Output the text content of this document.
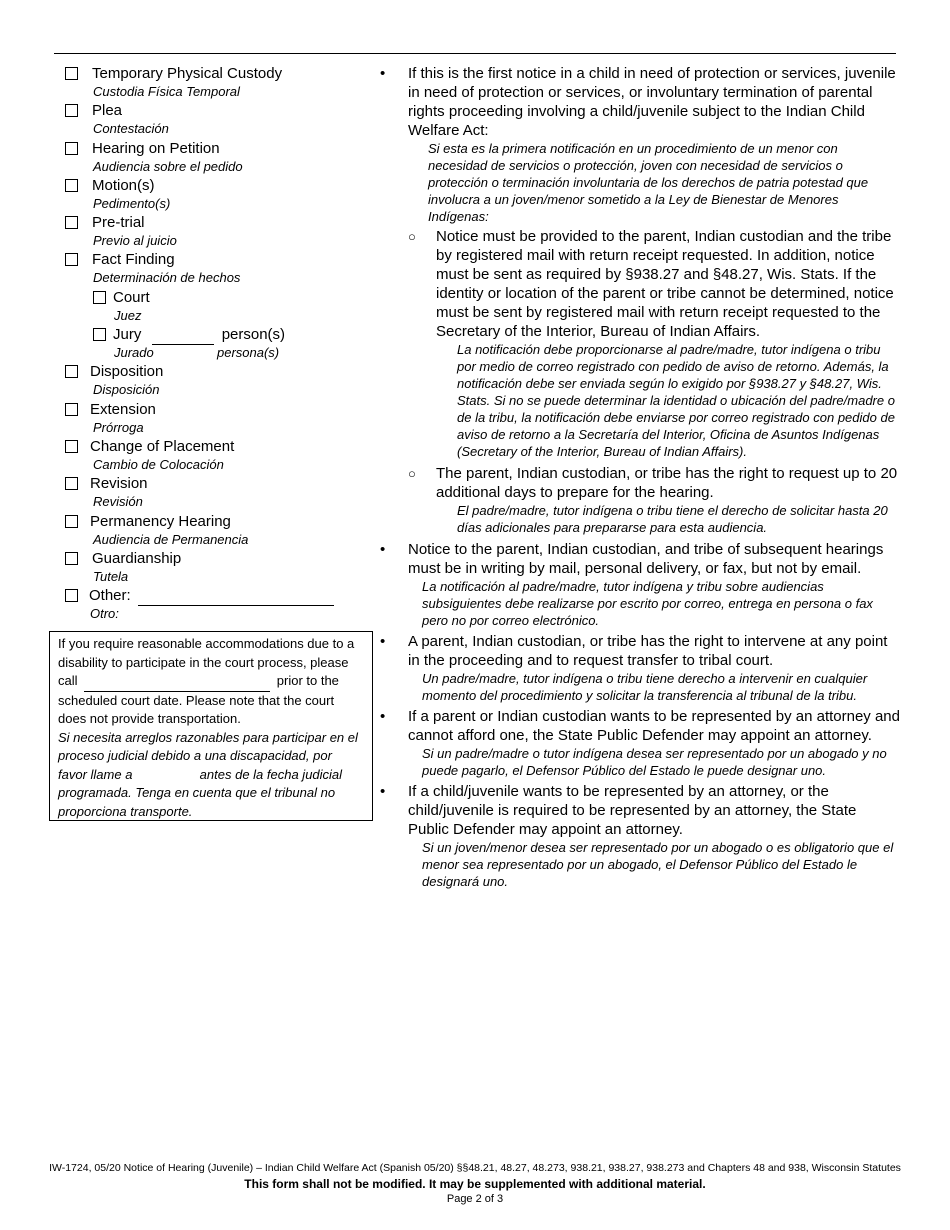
Temporary Physical Custody
Custodia Física Temporal
Plea
Contestación
Hearing on Petition
Audiencia sobre el pedido
Motion(s)
Pedimento(s)
Pre-trial
Previo al juicio
Fact Finding
Determinación de hechos
Court
Juez
Jury	person(s)
Jurado	persona(s)
Disposition
Disposición
Extension
Prórroga
Change of Placement
Cambio de Colocación
Revision
Revisión
Permanency Hearing
Audiencia de Permanencia
Guardianship
Tutela
Other:
Otro:
If you require reasonable accommodations due to a disability to participate in the court process, please call	prior to the scheduled court date. Please note that the court does not provide transportation.
Si necesita arreglos razonables para participar en el proceso judicial debido a una discapacidad, por favor llame a	antes de la fecha judicial programada. Tenga en cuenta que el tribunal no proporciona transporte.
• If this is the first notice in a child in need of protection or services, juvenile in need of protection or services, or involuntary termination of parental rights proceeding involving a child/juvenile subject to the Indian Child Welfare Act:
Si esta es la primera notificación en un procedimiento de un menor con necesidad de servicios o protección, joven con necesidad de servicios o protección o terminación involuntaria de los derechos de patria potestad que involucra a un joven/menor sometido a la Ley de Bienestar de Menores Indígenas:
○ Notice must be provided to the parent, Indian custodian and the tribe by registered mail with return receipt requested. In addition, notice must be sent as required by §938.27 and §48.27, Wis. Stats. If the identity or location of the parent or tribe cannot be determined, notice must be sent by registered mail with return receipt requested to the Secretary of the Interior, Bureau of Indian Affairs.
La notificación debe proporcionarse al padre/madre, tutor indígena o tribu por medio de correo registrado con pedido de aviso de retorno. Además, la notificación debe ser enviada según lo exigido por §938.27 y §48.27, Wis. Stats. Si no se puede determinar la identidad o ubicación del padre/madre o de la tribu, la notificación debe enviarse por correo registrado con pedido de aviso de retorno a la Secretaría del Interior, Oficina de Asuntos Indígenas (Secretary of the Interior, Bureau of Indian Affairs).
○ The parent, Indian custodian, or tribe has the right to request up to 20 additional days to prepare for the hearing.
El padre/madre, tutor indígena o tribu tiene el derecho de solicitar hasta 20 días adicionales para prepararse para esta audiencia.
• Notice to the parent, Indian custodian, and tribe of subsequent hearings must be in writing by mail, personal delivery, or fax, but not by email.
La notificación al padre/madre, tutor indígena y tribu sobre audiencias subsiguientes debe realizarse por escrito por correo, entrega en persona o fax pero no por correo electrónico.
• A parent, Indian custodian, or tribe has the right to intervene at any point in the proceeding and to request transfer to tribal court.
Un padre/madre, tutor indígena o tribu tiene derecho a intervenir en cualquier momento del procedimiento y solicitar la transferencia al tribunal de la tribu.
• If a parent or Indian custodian wants to be represented by an attorney and cannot afford one, the State Public Defender may appoint an attorney.
Si un padre/madre o tutor indígena desea ser representado por un abogado y no puede pagarlo, el Defensor Público del Estado le puede designar uno.
• If a child/juvenile wants to be represented by an attorney, or the child/juvenile is required to be represented by an attorney, the State Public Defender may appoint an attorney.
Si un joven/menor desea ser representado por un abogado o es obligatorio que el menor sea representado por un abogado, el Defensor Público del Estado le designará uno.
IW-1724, 05/20 Notice of Hearing (Juvenile) – Indian Child Welfare Act (Spanish 05/20) §§48.21, 48.27, 48.273, 938.21, 938.27, 938.273 and Chapters 48 and 938, Wisconsin Statutes
This form shall not be modified. It may be supplemented with additional material.
Page 2 of 3
